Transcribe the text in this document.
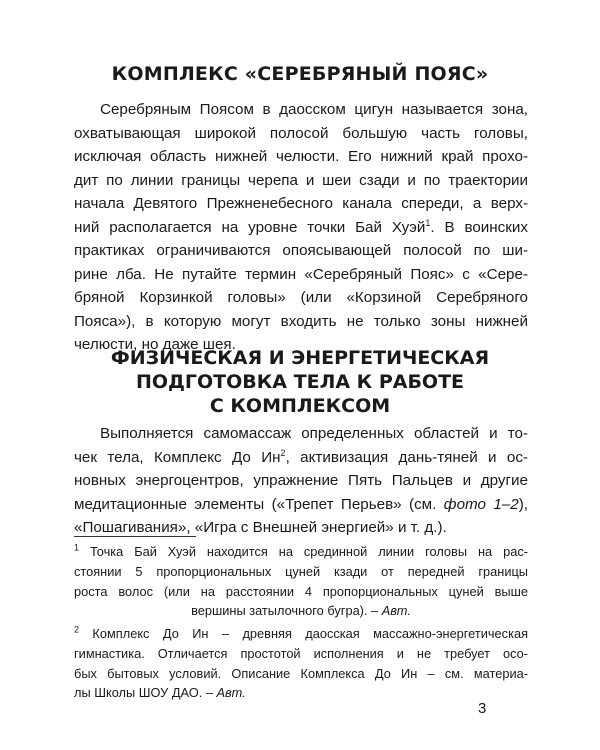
КОМПЛЕКС «СЕРЕБРЯНЫЙ ПОЯС»
Серебряным Поясом в даосском цигун называется зона,
охватывающая широкой полосой большую часть головы,
исключая область нижней челюсти. Его нижний край прохо-
дит по линии границы черепа и шеи сзади и по траектории
начала Девятого Прежненебесного канала спереди, а верх-
ний располагается на уровне точки Бай Хуэй$^1$. В воинских
практиках ограничиваются опоясывающей полосой по ши-
рине лба. Не путайте термин «Серебряный Пояс» с «Сере-
бряной Корзинкой головы» (или «Корзиной Серебряного
Пояса»), в которую могут входить не только зоны нижней
челюсти, но даже шея.
ФИЗИЧЕСКАЯ И ЭНЕРГЕТИЧЕСКАЯ
ПОДГОТОВКА ТЕЛА К РАБОТЕ
С КОМПЛЕКСОМ
Выполняется самомассаж определенных областей и то-
чек тела, Комплекс До $Ин^2$, активизация дань-тяней и ос-
новных энергоцентров, упражнение Пять Пальцев и другие
медитационные элементы («Трепет Перьев» (см. фото 1–2),
«Пошагивания», «Игра с Внешней энергией» и т. д.).
$^1$ Точка Бай Хуэй находится на срединной линии головы на рас-
стоянии 5 пропорциональных цуней кзади от передней границы
роста волос (или на расстоянии 4 пропорциональных цуней выше
вершины затылочного бугра). – Авт.
$^2$ Комплекс До Ин – древняя даосская массажно-энергетическая
гимнастика. Отличается простотой исполнения и не требует осо-
бых бытовых условий. Описание Комплекса До Ин – см. материа-
лы Школы ШОУ ДАО. – Авт.
3
